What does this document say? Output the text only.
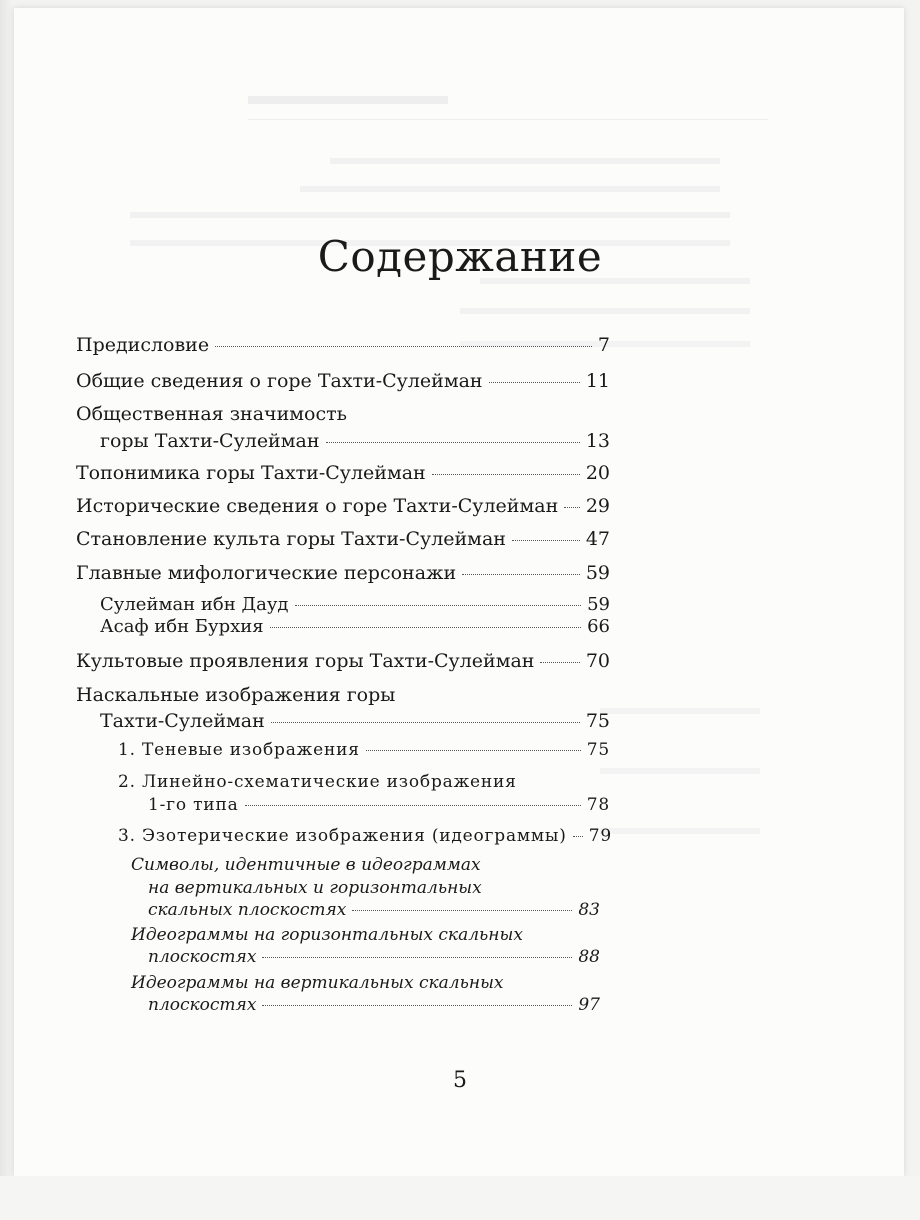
Содержание
Предисловие	7
Общие сведения о горе Тахти-Сулейман	11
Общественная значимость
горы Тахти-Сулейман	13
Топонимика горы Тахти-Сулейман	20
Исторические сведения о горе Тахти-Сулейман 29
Становление культа горы Тахти-Сулейман	47
Главные мифологические персонажи	59
Сулейман ибн Дауд	59
Асаф ибн Бурхия	66
Культовые проявления горы Тахти-Сулейман	70
Наскальные изображения горы
Тахти-Сулейман	75
1. Теневые изображения	75
2. Линейно-схематические изображения
1-го типа	78
3. Эзотерические изображения (идеограммы) 79
Символы, идентичные в идеограммах
на вертикальных и горизонтальных
скальных плоскостях	83
Идеограммы на горизонтальных скальных
плоскостях	88
Идеограммы на вертикальных скальных
плоскостях	97
5
